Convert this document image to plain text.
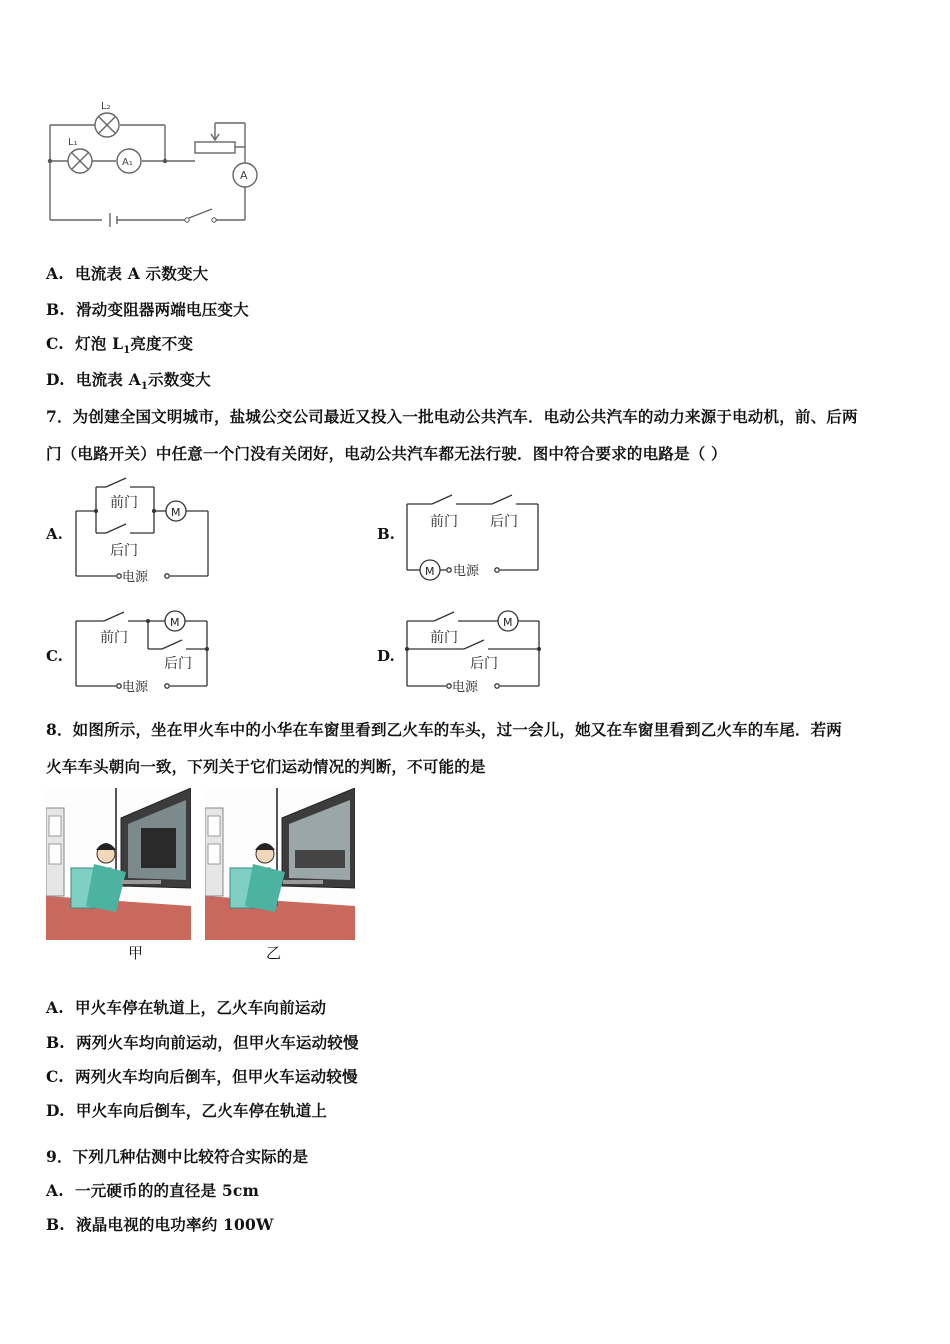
L₂
L₁
A₁
A
A. 电流表 A 示数变大
B. 滑动变阻器两端电压变大
C. 灯泡 $L_1$亮度不变
D. 电流表 $A_1$示数变大
7．为创建全国文明城市，盐城公交公司最近又投入一批电动公共汽车．电动公共汽车的动力来源于电动机，前、后两
门（电路开关）中任意一个门没有关闭好，电动公共汽车都无法行驶．图中符合要求的电路是（ ）
A.	B.
C.	D.
前门
M
后门
电源
前门 后门
M 电源
前门
M
后门
电源
前门
M
后门
电源
8．如图所示，坐在甲火车中的小华在车窗里看到乙火车的车头，过一会儿，她又在车窗里看到乙火车的车尾．若两
火车车头朝向一致，下列关于它们运动情况的判断，不可能的是
甲	乙
A. 甲火车停在轨道上，乙火车向前运动
B. 两列火车均向前运动，但甲火车运动较慢
C. 两列火车均向后倒车，但甲火车运动较慢
D. 甲火车向后倒车，乙火车停在轨道上
9．下列几种估测中比较符合实际的是
A. 一元硬币的的直径是 5cm
B. 液晶电视的电功率约 100W
